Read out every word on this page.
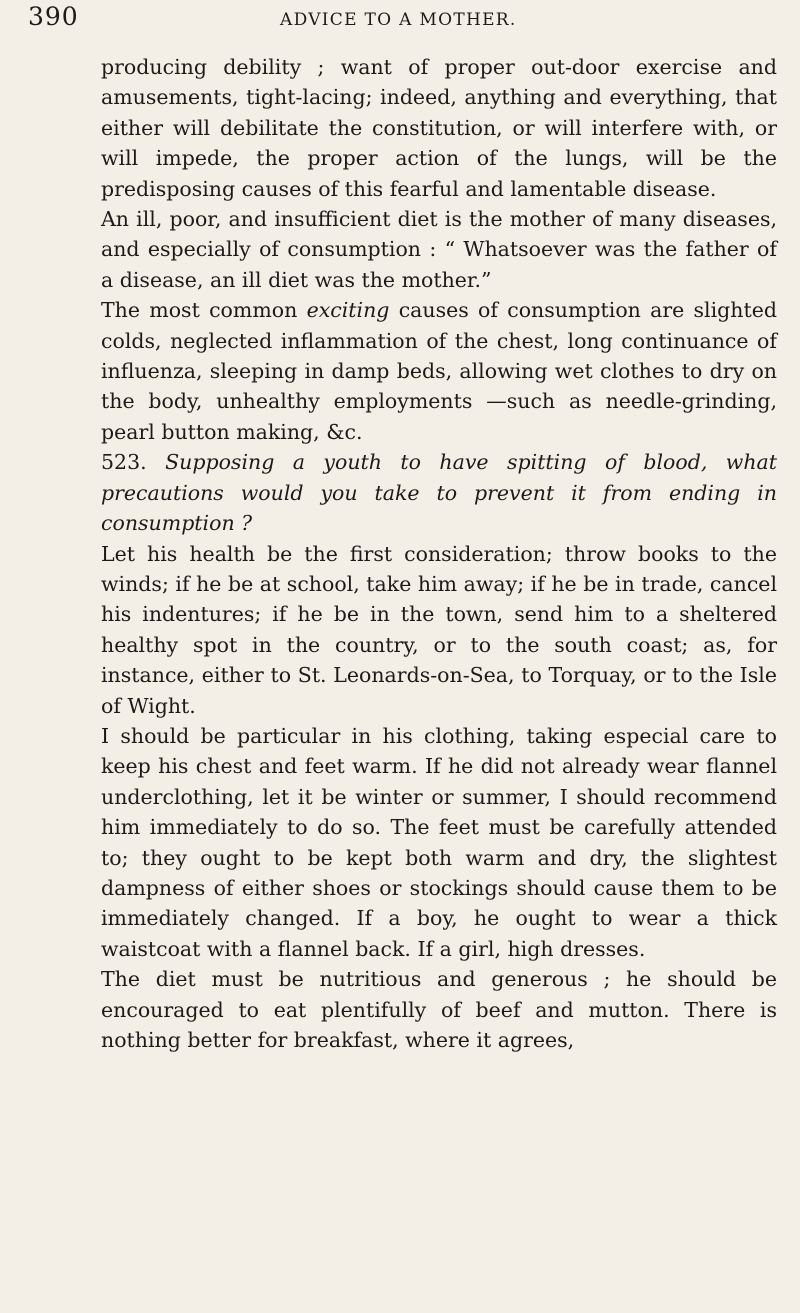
390	ADVICE TO A MOTHER.

producing debility ; want of proper out-door exercise and amusements, tight-lacing; indeed, anything and everything, that either will debilitate the constitution, or will interfere with, or will impede, the proper action of the lungs, will be the predisposing causes of this fearful and lamentable disease.

An ill, poor, and insufficient diet is the mother of many diseases, and especially of consumption : “ Whatsoever was the father of a disease, an ill diet was the mother.”

The most common exciting causes of consumption are slighted colds, neglected inflammation of the chest, long continuance of influenza, sleeping in damp beds, allowing wet clothes to dry on the body, unhealthy employments —such as needle-grinding, pearl button making, &c.

523. Supposing a youth to have spitting of blood, what precautions would you take to prevent it from ending in consumption ?

Let his health be the first consideration; throw books to the winds; if he be at school, take him away; if he be in trade, cancel his indentures; if he be in the town, send him to a sheltered healthy spot in the country, or to the south coast; as, for instance, either to St. Leonards-on-Sea, to Torquay, or to the Isle of Wight.

I should be particular in his clothing, taking especial care to keep his chest and feet warm. If he did not already wear flannel underclothing, let it be winter or summer, I should recommend him immediately to do so. The feet must be carefully attended to; they ought to be kept both warm and dry, the slightest dampness of either shoes or stockings should cause them to be immediately changed. If a boy, he ought to wear a thick waistcoat with a flannel back. If a girl, high dresses.

The diet must be nutritious and generous ; he should be encouraged to eat plentifully of beef and mutton. There is nothing better for breakfast, where it agrees,
